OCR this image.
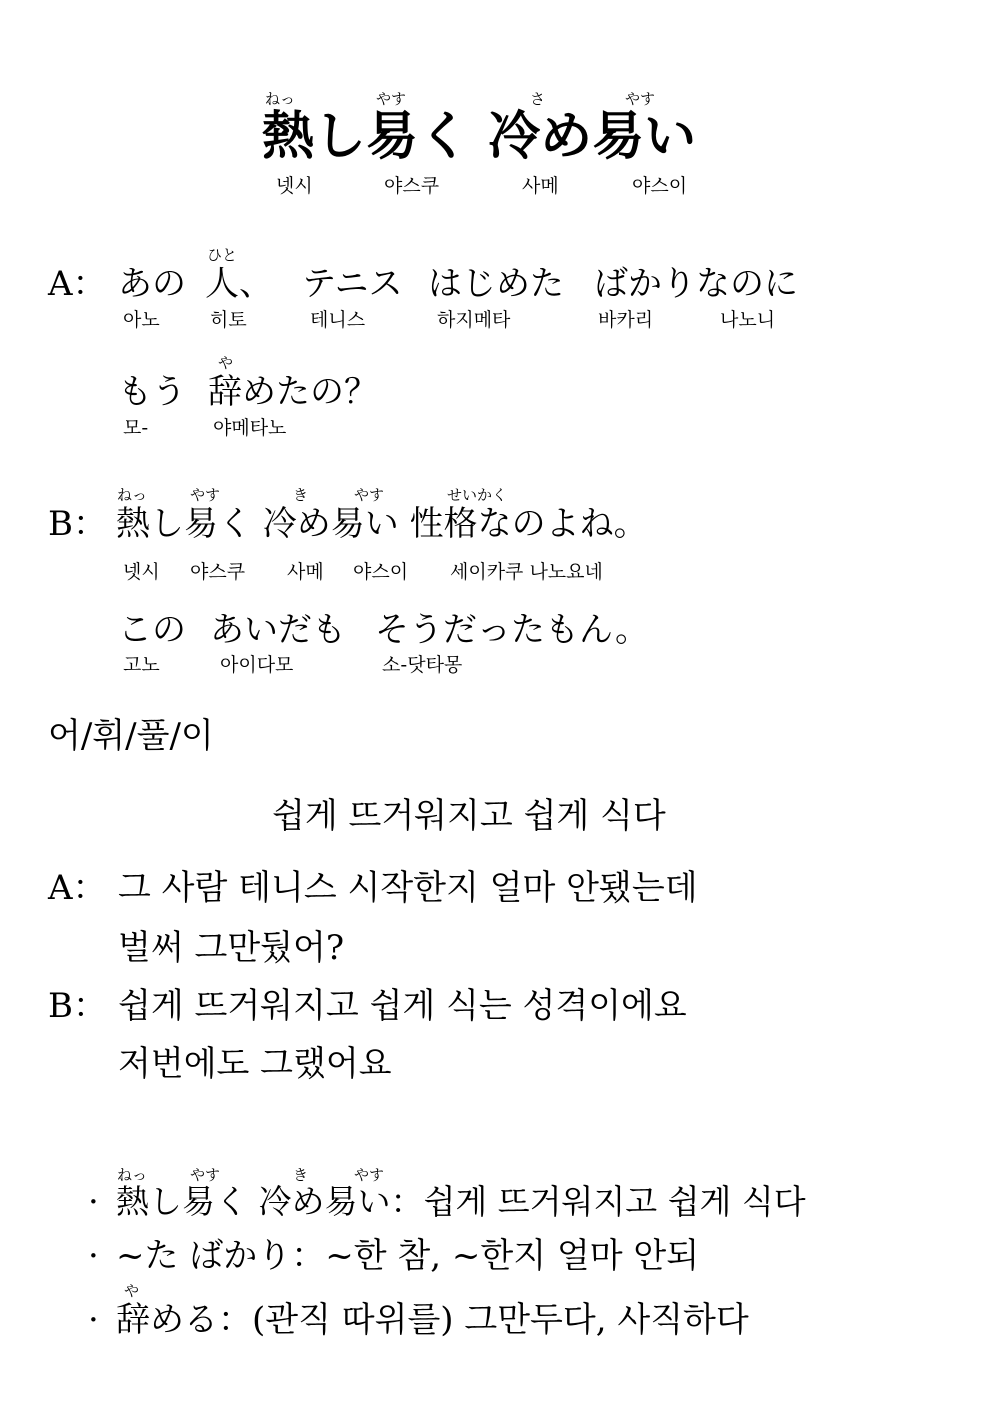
ねっ	やす	さ	やす
熱し易く 冷め易い
넷시	야스쿠	사메	야스이
ひと
A： あの 人、 テニス はじめた ばかりなのに
아노	히토	테니스	하지메타	바카리	나노니
や
もう 辞めたの？
모-	야메타노
ねっ	やす	き	やす	せいかく
B： 熱し易く 冷め易い 性格なのよね。
넷시 야스쿠 사메 야스이 세이카쿠 나노요네
この あいだも そうだったもん。
고노	아이다모	소-닷타몽
어/휘/풀/이
쉽게 뜨거워지고 쉽게 식다
A： 그 사람 테니스 시작한지 얼마 안됐는데
벌써 그만뒀어?
B： 쉽게 뜨거워지고 쉽게 식는 성격이에요
저번에도 그랬어요
ねっ	やす	き	やす
· 熱し易く 冷め易い：쉽게 뜨거워지고 쉽게 식다
· ~た ばかり：~한 참, ~한지 얼마 안되
や
· 辞める：(관직 따위를) 그만두다, 사직하다
